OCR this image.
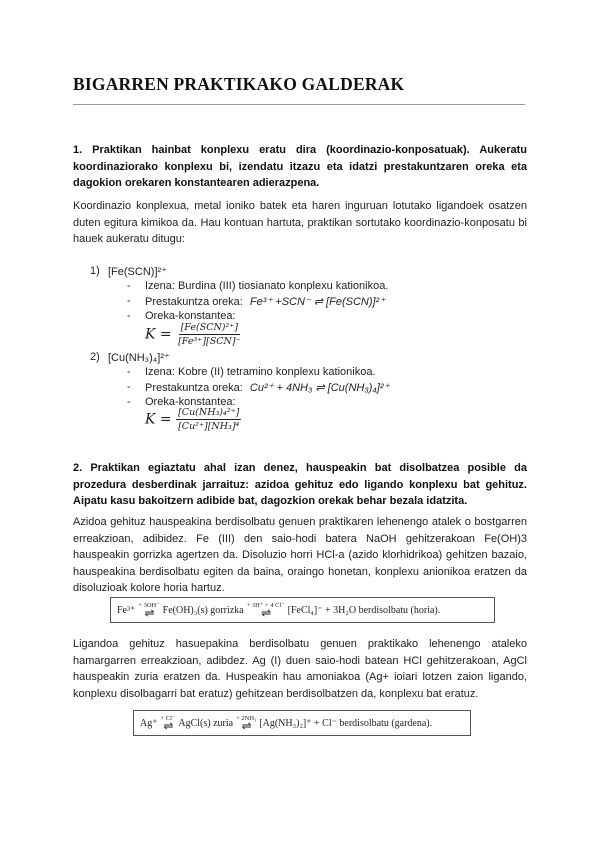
BIGARREN PRAKTIKAKO GALDERAK
1. Praktikan hainbat konplexu eratu dira (koordinazio-konposatuak). Aukeratu koordinaziorako konplexu bi, izendatu itzazu eta idatzi prestakuntzaren oreka eta dagokion orekaren konstantearen adierazpena.
Koordinazio konplexua, metal ioniko batek eta haren inguruan lotutako ligandoek osatzen duten egitura kimikoa da. Hau kontuan hartuta, praktikan sortutako koordinazio-konposatu bi hauek aukeratu ditugu:
1) [Fe(SCN)]²⁺
- Izena: Burdina (III) tiosianato konplexu kationikoa.
- Prestakuntza oreka: Fe³⁺ +SCN⁻ ⇌ [Fe(SCN)]²⁺
- Oreka-konstantea:
$K = \frac{\text{[Fe(SCN)²⁺]}}{\text{[Fe³⁺][SCN]⁻}}$
2) [Cu(NH₃)₄]²⁺
- Izena: Kobre (II) tetramino konplexu kationikoa.
- Prestakuntza oreka: Cu²⁺ + 4NH₃ ⇌ [Cu(NH₃)₄]²⁺
- Oreka-konstantea:
$K = \frac{\text{[Cu(NH₃)₄²⁺]}}{\text{[Cu²⁺][NH₃]⁴}}$
2. Praktikan egiaztatu ahal izan denez, hauspeakin bat disolbatzea posible da prozedura desberdinak jarraituz: azidoa gehituz edo ligando konplexu bat gehituz. Aipatu kasu bakoitzern adibide bat, dagozkion orekak behar bezala idatzita.
Azidoa gehituz hauspeakina berdisolbatu genuen praktikaren lehenengo atalek o bostgarren erreakzioan, adibidez. Fe (III) den saio-hodi batera NaOH gehitzerakoan Fe(OH)3 hauspeakin gorrizka agertzen da. Disoluzio horri HCl-a (azido klorhidrikoa) gehitzen bazaio, hauspeakina berdisolbatu egiten da baina, oraingo honetan, konplexu anionikoa eratzen da disoluzioak kolore horia hartuz.
Fe³⁺ + 3OH⁻
⇌ Fe(OH)₃(s) gorrizka + 3H⁺ + 4 Cl⁻
⇌ [FeCl₄]⁻ + 3H₂O berdisolbatu (horia).
Ligandoa gehituz hasuepakina berdisolbatu genuen praktikako lehenengo ataleko hamargarren erreakzioan, adibdez. Ag (I) duen saio-hodi batean HCl gehitzerakoan, AgCl hauspeakin zuria eratzen da. Huspeakin hau amoniakoa (Ag+ ioiari lotzen zaion ligando, konplexu disolbagarri bat eratuz) gehitzean berdisolbatzen da, konplexu bat eratuz.
Ag⁺ + Cl⁻
⇌ AgCl(s) zuria + 2NH₃
⇌ [Ag(NH₃)₂]⁺ + Cl⁻ berdisolbatu (gardena).
